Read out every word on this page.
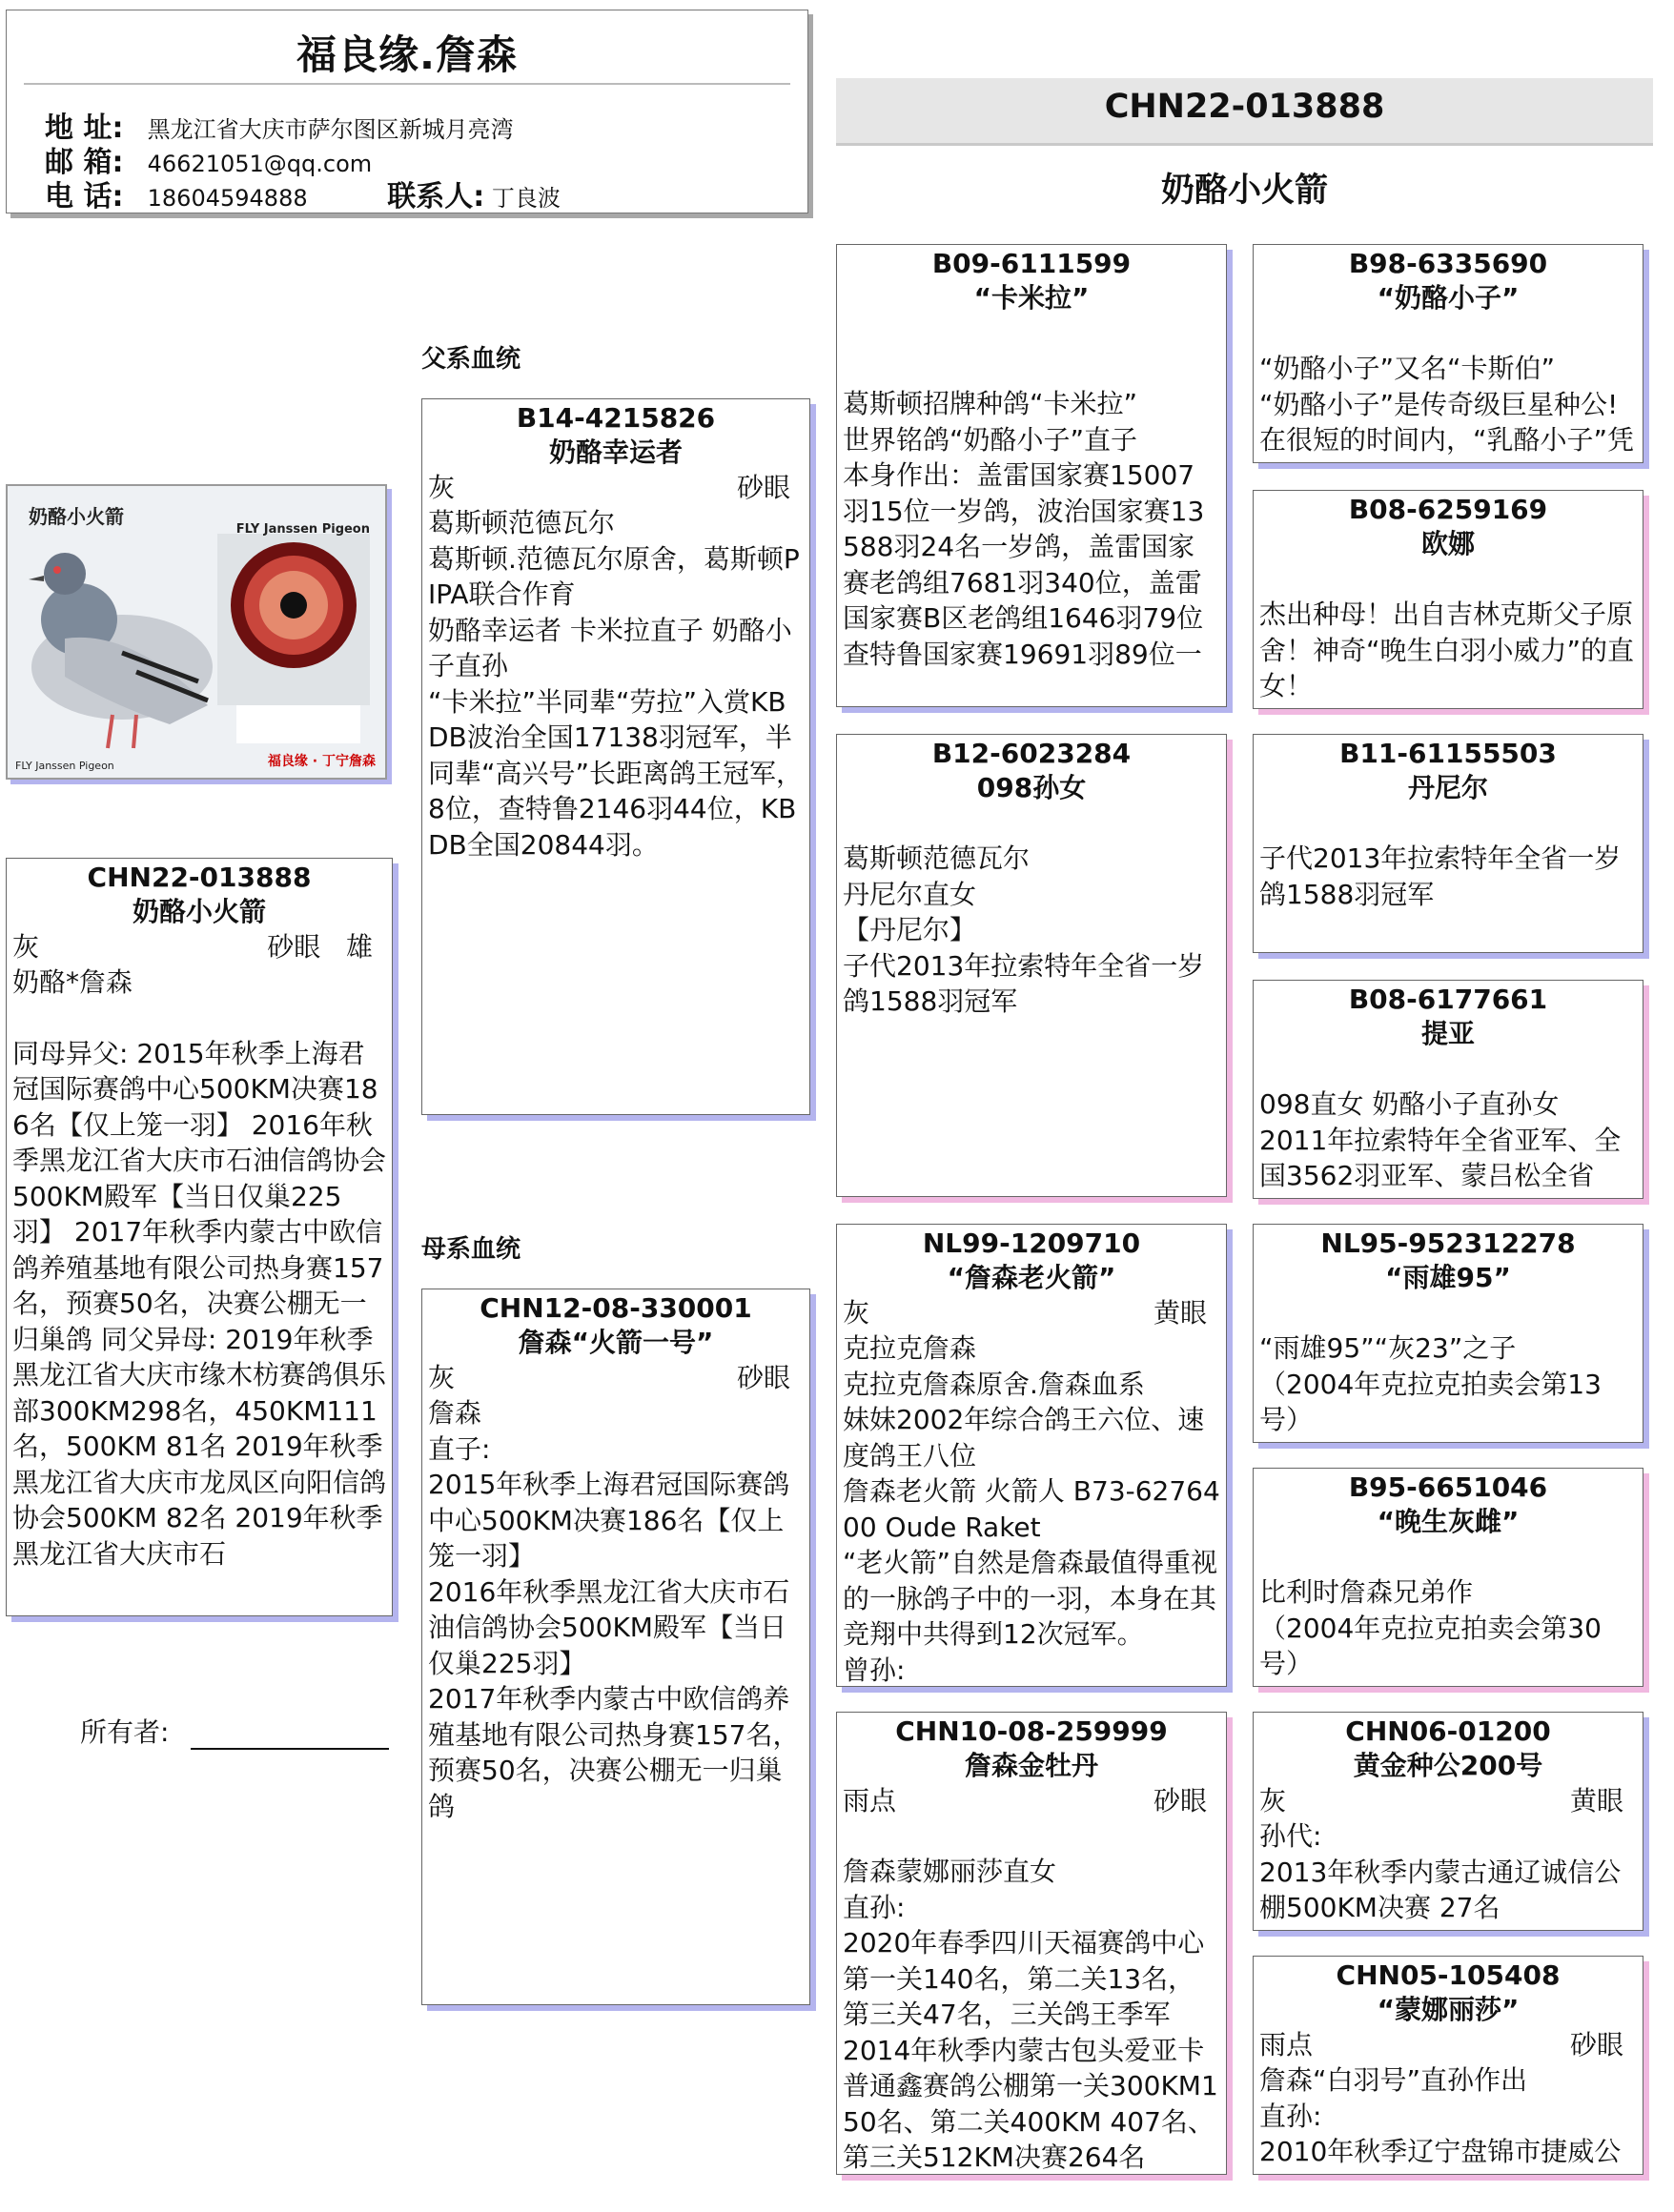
福良缘.詹森
地 址: 黑龙江省大庆市萨尔图区新城月亮湾
邮 箱: 46621051@qq.com
电 话: 18604594888	联系人: 丁良波
CHN22-013888
奶酪小火箭
奶酪小火箭
FLY Janssen Pigeon
FLY Janssen Pigeon	福良缘 · 丁宁詹森
CHN22-013888
奶酪小火箭
灰	砂眼 雄
奶酪*詹森
同母异父: 2015年秋季上海君冠国际赛鸽中心500KM决赛186名【仅上笼一羽】 2016年秋季黑龙江省大庆市石油信鸽协会500KM殿军【当日仅巢225羽】 2017年秋季内蒙古中欧信鸽养殖基地有限公司热身赛157名，预赛50名，决赛公棚无一归巢鸽 同父异母: 2019年秋季黑龙江省大庆市缘木枋赛鸽俱乐部300KM298名，450KM111名，500KM 81名 2019年秋季黑龙江省大庆市龙凤区向阳信鸽协会500KM 82名 2019年秋季黑龙江省大庆市石
所有者:
父系血统
母系血统
B14-4215826
奶酪幸运者
灰	砂眼
葛斯顿范德瓦尔
葛斯顿.范德瓦尔原舍，葛斯顿PIPA联合作育
奶酪幸运者 卡米拉直子 奶酪小子直孙
“卡米拉”半同辈“劳拉”入赏KBDB波治全国17138羽冠军，半同辈“高兴号”长距离鸽王冠军，8位，查特鲁2146羽44位，KBDB全国20844羽。
CHN12-08-330001
詹森“火箭一号”
灰	砂眼
詹森
直子:
2015年秋季上海君冠国际赛鸽中心500KM决赛186名【仅上笼一羽】
2016年秋季黑龙江省大庆市石油信鸽协会500KM殿军【当日仅巢225羽】
2017年秋季内蒙古中欧信鸽养殖基地有限公司热身赛157名，预赛50名，决赛公棚无一归巢鸽
B09-6111599
“卡米拉”
葛斯顿招牌种鸽“卡米拉”
世界铭鸽“奶酪小子”直子
本身作出：盖雷国家赛15007羽15位一岁鸽，波治国家赛13588羽24名一岁鸽，盖雷国家赛老鸽组7681羽340位，盖雷国家赛B区老鸽组1646羽79位
查特鲁国家赛19691羽89位一
B12-6023284
098孙女
葛斯顿范德瓦尔
丹尼尔直女
【丹尼尔】
子代2013年拉索特年全省一岁鸽1588羽冠军
NL99-1209710
“詹森老火箭”
灰	黄眼
克拉克詹森
克拉克詹森原舍.詹森血系
妹妹2002年综合鸽王六位、速度鸽王八位
詹森老火箭 火箭人 B73-6276400 Oude Raket
“老火箭”自然是詹森最值得重视的一脉鸽子中的一羽，本身在其竞翔中共得到12次冠军。
曾孙:
CHN10-08-259999
詹森金牡丹
雨点	砂眼
詹森蒙娜丽莎直女
直孙:
2020年春季四川天福赛鸽中心第一关140名，第二关13名，第三关47名，三关鸽王季军
2014年秋季内蒙古包头爱亚卡普通鑫赛鸽公棚第一关300KM150名、第二关400KM 407名、第三关512KM决赛264名
B98-6335690
“奶酪小子”
“奶酪小子”又名“卡斯伯”
“奶酪小子”是传奇级巨星种公!
在很短的时间内，“乳酪小子”凭
B08-6259169
欧娜
杰出种母！出自吉林克斯父子原舍！神奇“晚生白羽小威力”的直女！
B11-61155503
丹尼尔
子代2013年拉索特年全省一岁鸽1588羽冠军
B08-6177661
提亚
098直女 奶酪小子直孙女
2011年拉索特年全省亚军、全国3562羽亚军、蒙吕松全省
NL95-952312278
“雨雄95”
“雨雄95”“灰23”之子
（2004年克拉克拍卖会第13号）
B95-6651046
“晚生灰雌”
比利时詹森兄弟作
（2004年克拉克拍卖会第30号）
CHN06-01200
黄金种公200号
灰	黄眼
孙代:
2013年秋季内蒙古通辽诚信公棚500KM决赛 27名
CHN05-105408
“蒙娜丽莎”
雨点	砂眼
詹森“白羽号”直孙作出
直孙:
2010年秋季辽宁盘锦市捷威公
